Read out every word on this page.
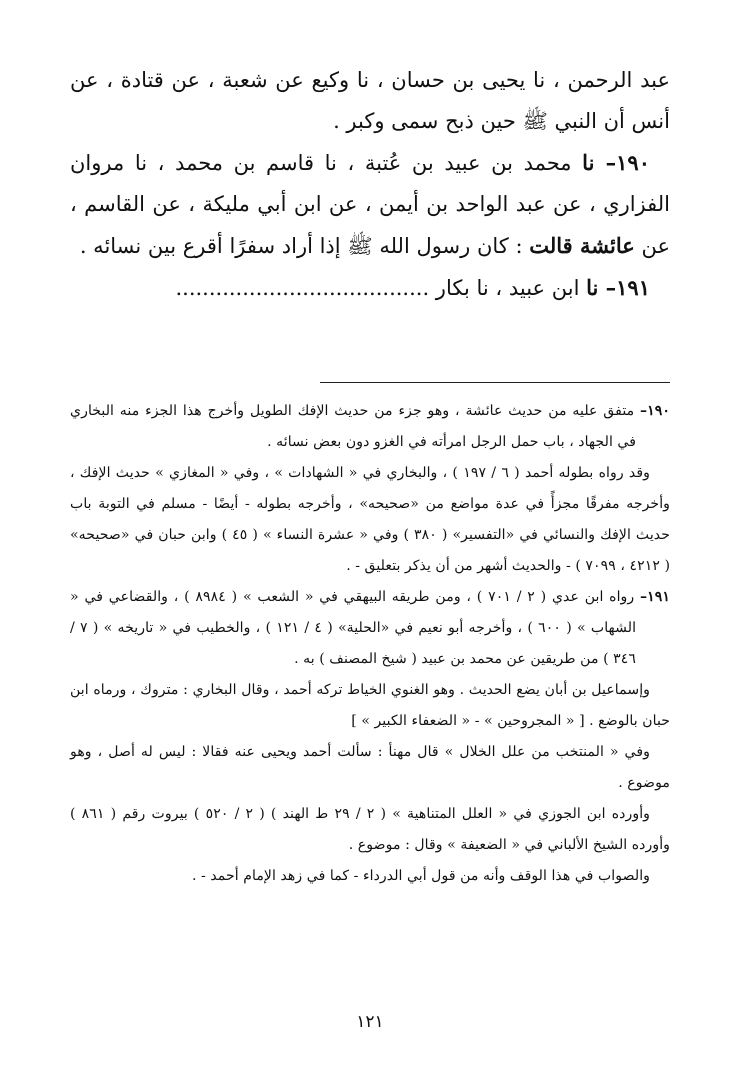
عبد الرحمن ، نا يحيى بن حسان ، نا وكيع عن شعبة ، عن قتادة ، عن أنس أن النبي ﷺ حين ذبح سمى وكبر .

١٩٠– نا محمد بن عبيد بن عُتبة ، نا قاسم بن محمد ، نا مروان الفزاري ، عن عبد الواحد بن أيمن ، عن ابن أبي مليكة ، عن القاسم ، عن عائشة قالت : كان رسول الله ﷺ إذا أراد سفرًا أقرع بين نسائه .

١٩١– نا ابن عبيد ، نا بكار ......................................

١٩٠– متفق عليه من حديث عائشة ، وهو جزء من حديث الإفك الطويل وأخرج هذا الجزء منه البخاري في الجهاد ، باب حمل الرجل امرأته في الغزو دون بعض نسائه .

وقد رواه بطوله أحمد ( ٦ / ١٩٧ ) ، والبخاري في « الشهادات » ، وفي « المغازي » حديث الإفك ، وأخرجه مفرقًا مجزأً في عدة مواضع من «صحيحه» ، وأخرجه بطوله - أيضًا - مسلم في التوبة باب حديث الإفك والنسائي في «التفسير» ( ٣٨٠ ) وفي « عشرة النساء » ( ٤٥ ) وابن حبان في «صحيحه» ( ٤٢١٢ ، ٧٠٩٩ ) - والحديث أشهر من أن يذكر بتعليق - .

١٩١– رواه ابن عدي ( ٢ / ٧٠١ ) ، ومن طريقه البيهقي في « الشعب » ( ٨٩٨٤ ) ، والقضاعي في « الشهاب » ( ٦٠٠ ) ، وأخرجه أبو نعيم في «الحلية» ( ٤ / ١٢١ ) ، والخطيب في « تاريخه » ( ٧ / ٣٤٦ ) من طريقين عن محمد بن عبيد ( شيخ المصنف ) به .

وإسماعيل بن أبان يضع الحديث . وهو الغنوي الخياط تركه أحمد ، وقال البخاري : متروك ، ورماه ابن حبان بالوضع . [ « المجروحين » - « الضعفاء الكبير » ]

وفي « المنتخب من علل الخلال » قال مهنأ : سألت أحمد ويحيى عنه فقالا : ليس له أصل ، وهو موضوع .

وأورده ابن الجوزي في « العلل المتناهية » ( ٢ / ٢٩ ط الهند ) ( ٢ / ٥٢٠ ) بيروت رقم ( ٨٦١ ) وأورده الشيخ الألباني في « الضعيفة » وقال : موضوع .

والصواب في هذا الوقف وأنه من قول أبي الدرداء - كما في زهد الإمام أحمد - .

١٢١
